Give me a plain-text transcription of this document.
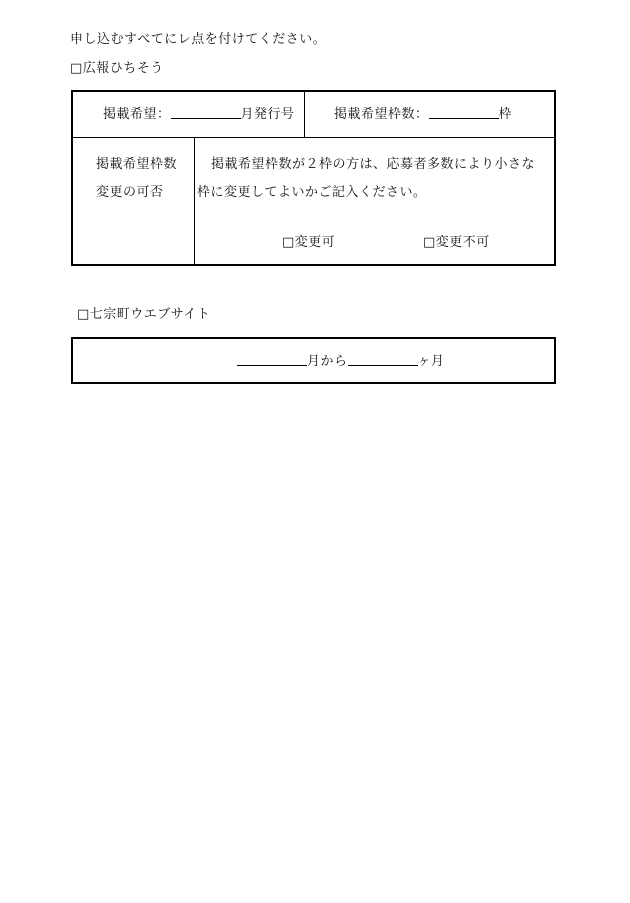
申し込むすべてにレ点を付けてください。
□広報ひちそう
掲載希望：	月発行号	掲載希望枠数：	枠
掲載希望枠数
変更の可否
掲載希望枠数が２枠の方は、応募者多数により小さな
枠に変更してよいかご記入ください。
□変更可	□変更不可
□七宗町ウエブサイト
月から	ヶ月
